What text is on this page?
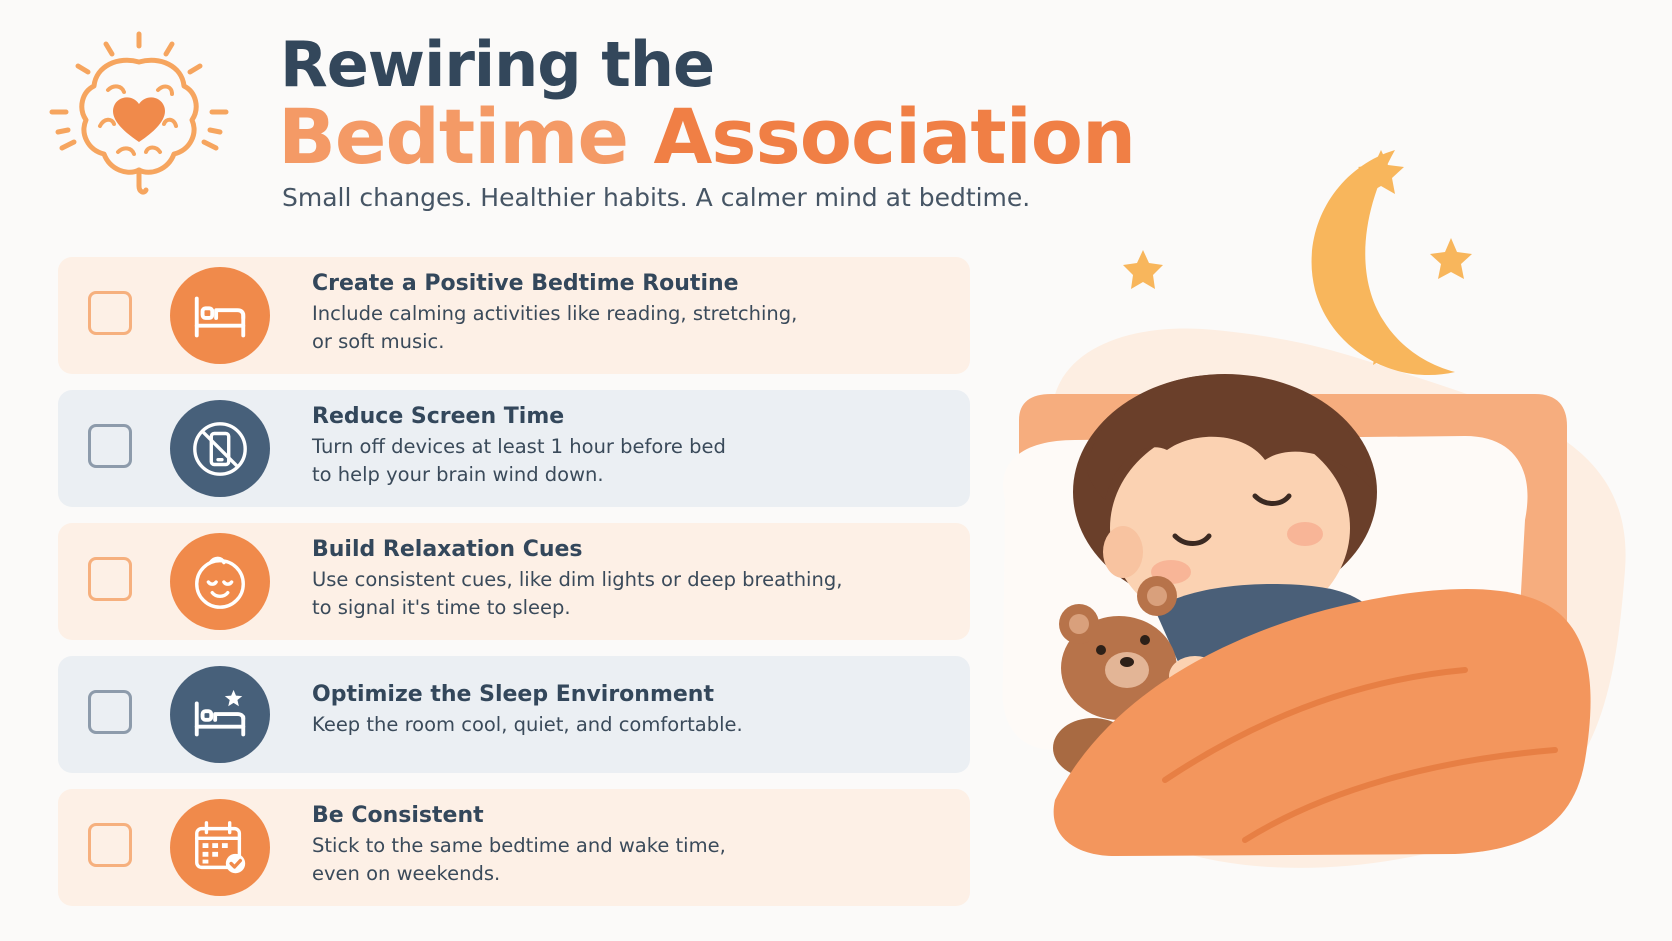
Rewiring the
Bedtime Association
Small changes. Healthier habits. A calmer mind at bedtime.
Create a Positive Bedtime Routine
Include calming activities like reading, stretching,
or soft music.
Reduce Screen Time
Turn off devices at least 1 hour before bed
to help your brain wind down.
Build Relaxation Cues
Use consistent cues, like dim lights or deep breathing,
to signal it's time to sleep.
Optimize the Sleep Environment
Keep the room cool, quiet, and comfortable.
Be Consistent
Stick to the same bedtime and wake time,
even on weekends.
